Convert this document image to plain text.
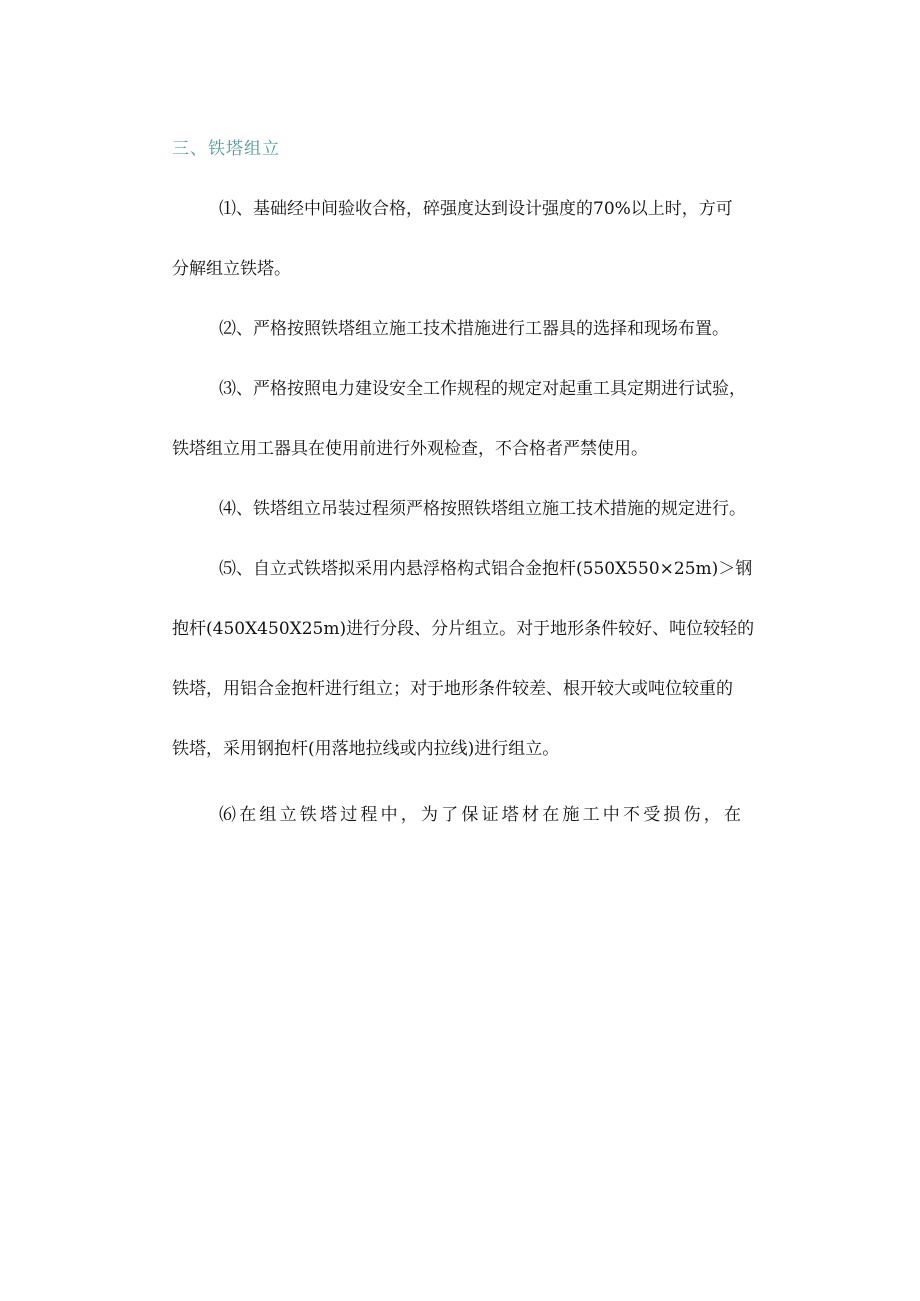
三、铁塔组立
⑴、基础经中间验收合格，碎强度达到设计强度的70%以上时，方可
分解组立铁塔。
⑵、严格按照铁塔组立施工技术措施进行工器具的选择和现场布置。
⑶、严格按照电力建设安全工作规程的规定对起重工具定期进行试验，
铁塔组立用工器具在使用前进行外观检查，不合格者严禁使用。
⑷、铁塔组立吊装过程须严格按照铁塔组立施工技术措施的规定进行。
⑸、自立式铁塔拟采用内悬浮格构式铝合金抱杆(550X550×25m)＞钢
抱杆(450X450X25m)进行分段、分片组立。对于地形条件较好、吨位较轻的
铁塔，用铝合金抱杆进行组立；对于地形条件较差、根开较大或吨位较重的
铁塔，采用钢抱杆(用落地拉线或内拉线)进行组立。
⑹在组立铁塔过程中，为了保证塔材在施工中不受损伤，在
